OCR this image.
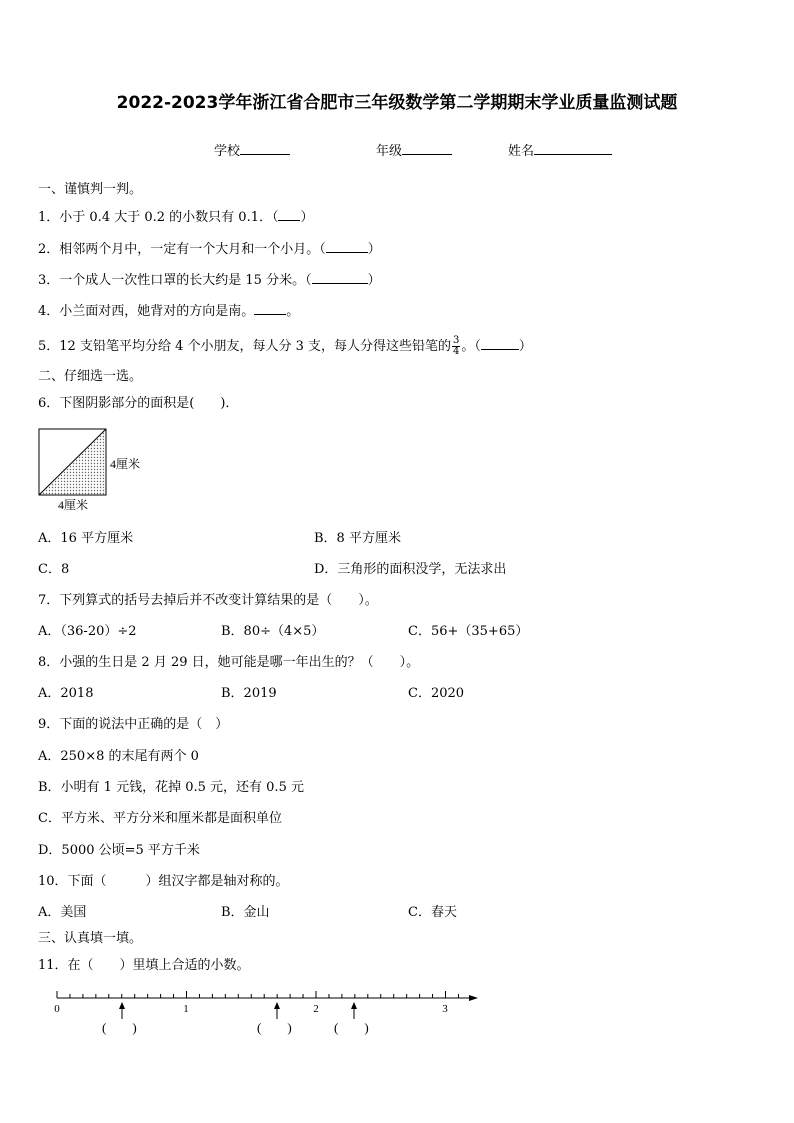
2022-2023学年浙江省合肥市三年级数学第二学期期末学业质量监测试题
学校	年级	姓名
一、谨慎判一判。
1．小于 0.4 大于 0.2 的小数只有 0.1．（ ）
2．相邻两个月中，一定有一个大月和一个小月。（	）
3．一个成人一次性口罩的长大约是 15 分米。（	）
4．小兰面对西，她背对的方向是南。 。
5．12 支铅笔平均分给 4 个小朋友，每人分 3 支，每人分得这些铅笔的 $\frac{3}{4}$ 。（	）
二、仔细选一选。
6．下图阴影部分的面积是(　　)．
4厘米
4厘米
A．16 平方厘米	B．8 平方厘米
C．8	D．三角形的面积没学，无法求出
7．下列算式的括号去掉后并不改变计算结果的是（　　）。
A．（36-20）÷2	B．80÷（4×5）	C．56+（35+65）
8．小强的生日是 2 月 29 日，她可能是哪一年出生的？（　　）。
A．2018	B．2019	C．2020
9．下面的说法中正确的是（　）
A．250×8 的末尾有两个 0
B．小明有 1 元钱，花掉 0.5 元，还有 0.5 元
C．平方米、平方分米和厘米都是面积单位
D．5000 公顷=5 平方千米
10．下面（　　　）组汉字都是轴对称的。
A．美国	B．金山	C．春天
三、认真填一填。
11．在（　　）里填上合适的小数。
0	1	2	3
(　　)	(　　)	(　　)
